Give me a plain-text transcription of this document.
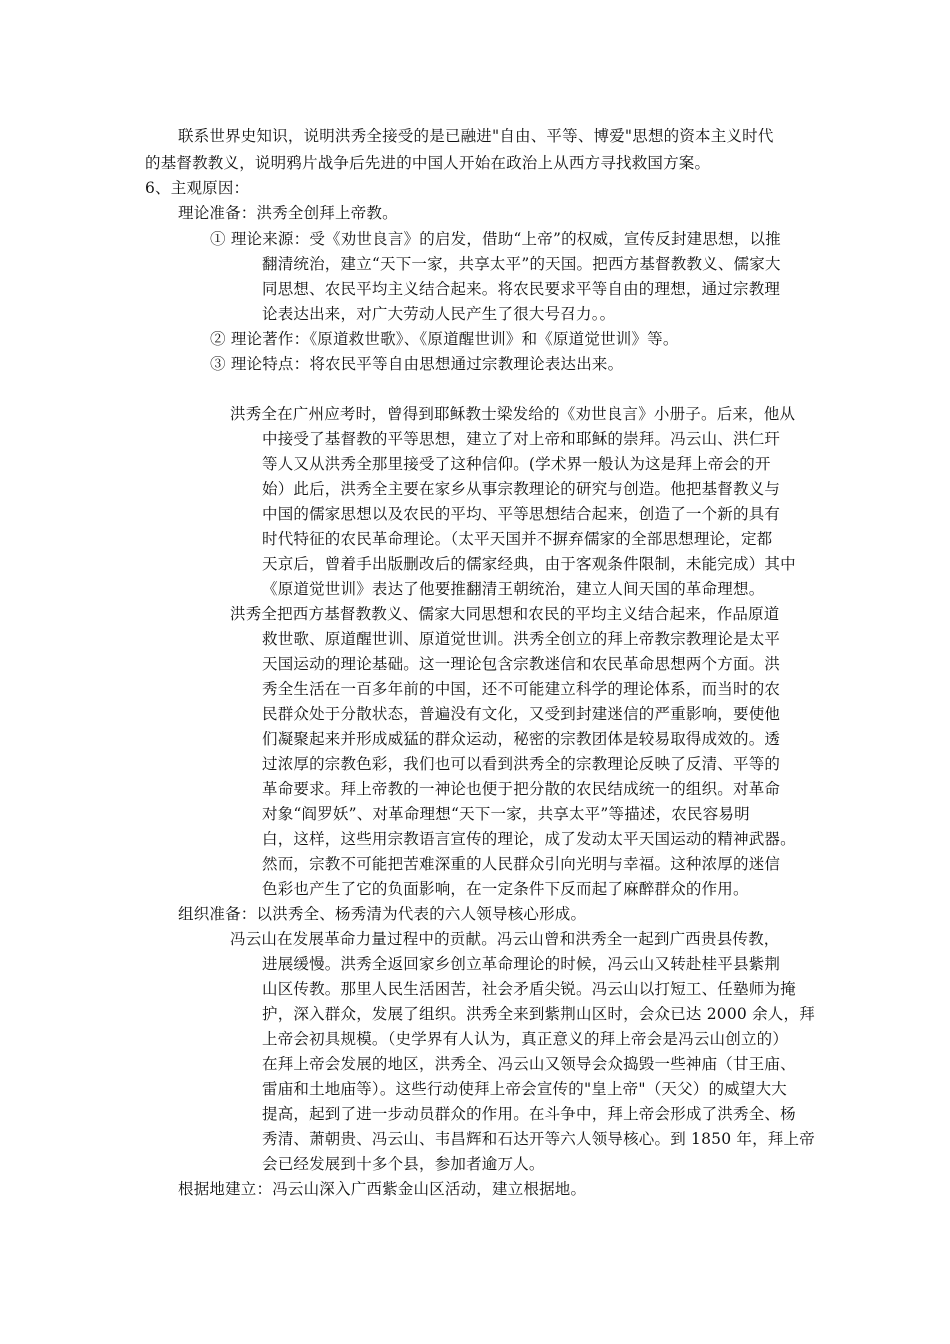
联系世界史知识，说明洪秀全接受的是已融进"自由、平等、博爱"思想的资本主义时代
的基督教教义，说明鸦片战争后先进的中国人开始在政治上从西方寻找救国方案。
6、主观原因：
理论准备：洪秀全创拜上帝教。
① 理论来源：受《劝世良言》的启发，借助“上帝”的权威，宣传反封建思想，以推
翻清统治，建立“天下一家，共享太平”的天国。把西方基督教教义、儒家大
同思想、农民平均主义结合起来。将农民要求平等自由的理想，通过宗教理
论表达出来，对广大劳动人民产生了很大号召力。。
② 理论著作：《原道救世歌》、《原道醒世训》和《原道觉世训》等。
③ 理论特点：将农民平等自由思想通过宗教理论表达出来。
洪秀全在广州应考时，曾得到耶稣教士梁发给的《劝世良言》小册子。后来，他从
中接受了基督教的平等思想，建立了对上帝和耶稣的崇拜。冯云山、洪仁玕
等人又从洪秀全那里接受了这种信仰。(学术界一般认为这是拜上帝会的开
始）此后，洪秀全主要在家乡从事宗教理论的研究与创造。他把基督教义与
中国的儒家思想以及农民的平均、平等思想结合起来，创造了一个新的具有
时代特征的农民革命理论。（太平天国并不摒弃儒家的全部思想理论，定都
天京后，曾着手出版删改后的儒家经典，由于客观条件限制，未能完成）其中
《原道觉世训》表达了他要推翻清王朝统治，建立人间天国的革命理想。
洪秀全把西方基督教教义、儒家大同思想和农民的平均主义结合起来，作品原道
救世歌、原道醒世训、原道觉世训。洪秀全创立的拜上帝教宗教理论是太平
天国运动的理论基础。这一理论包含宗教迷信和农民革命思想两个方面。洪
秀全生活在一百多年前的中国，还不可能建立科学的理论体系，而当时的农
民群众处于分散状态，普遍没有文化，又受到封建迷信的严重影响，要使他
们凝聚起来并形成威猛的群众运动，秘密的宗教团体是较易取得成效的。透
过浓厚的宗教色彩，我们也可以看到洪秀全的宗教理论反映了反清、平等的
革命要求。拜上帝教的一神论也便于把分散的农民结成统一的组织。对革命
对象“阎罗妖”、对革命理想“天下一家，共享太平”等描述，农民容易明
白，这样，这些用宗教语言宣传的理论，成了发动太平天国运动的精神武器。
然而，宗教不可能把苦难深重的人民群众引向光明与幸福。这种浓厚的迷信
色彩也产生了它的负面影响，在一定条件下反而起了麻醉群众的作用。
组织准备：以洪秀全、杨秀清为代表的六人领导核心形成。
冯云山在发展革命力量过程中的贡献。冯云山曾和洪秀全一起到广西贵县传教，
进展缓慢。洪秀全返回家乡创立革命理论的时候，冯云山又转赴桂平县紫荆
山区传教。那里人民生活困苦，社会矛盾尖锐。冯云山以打短工、任塾师为掩
护，深入群众，发展了组织。洪秀全来到紫荆山区时，会众已达 2000 余人，拜
上帝会初具规模。（史学界有人认为，真正意义的拜上帝会是冯云山创立的）
在拜上帝会发展的地区，洪秀全、冯云山又领导会众捣毁一些神庙（甘王庙、
雷庙和土地庙等）。这些行动使拜上帝会宣传的"皇上帝"（天父）的威望大大
提高，起到了进一步动员群众的作用。在斗争中，拜上帝会形成了洪秀全、杨
秀清、萧朝贵、冯云山、韦昌辉和石达开等六人领导核心。到 1850 年，拜上帝
会已经发展到十多个县，参加者逾万人。
根据地建立：冯云山深入广西紫金山区活动，建立根据地。
